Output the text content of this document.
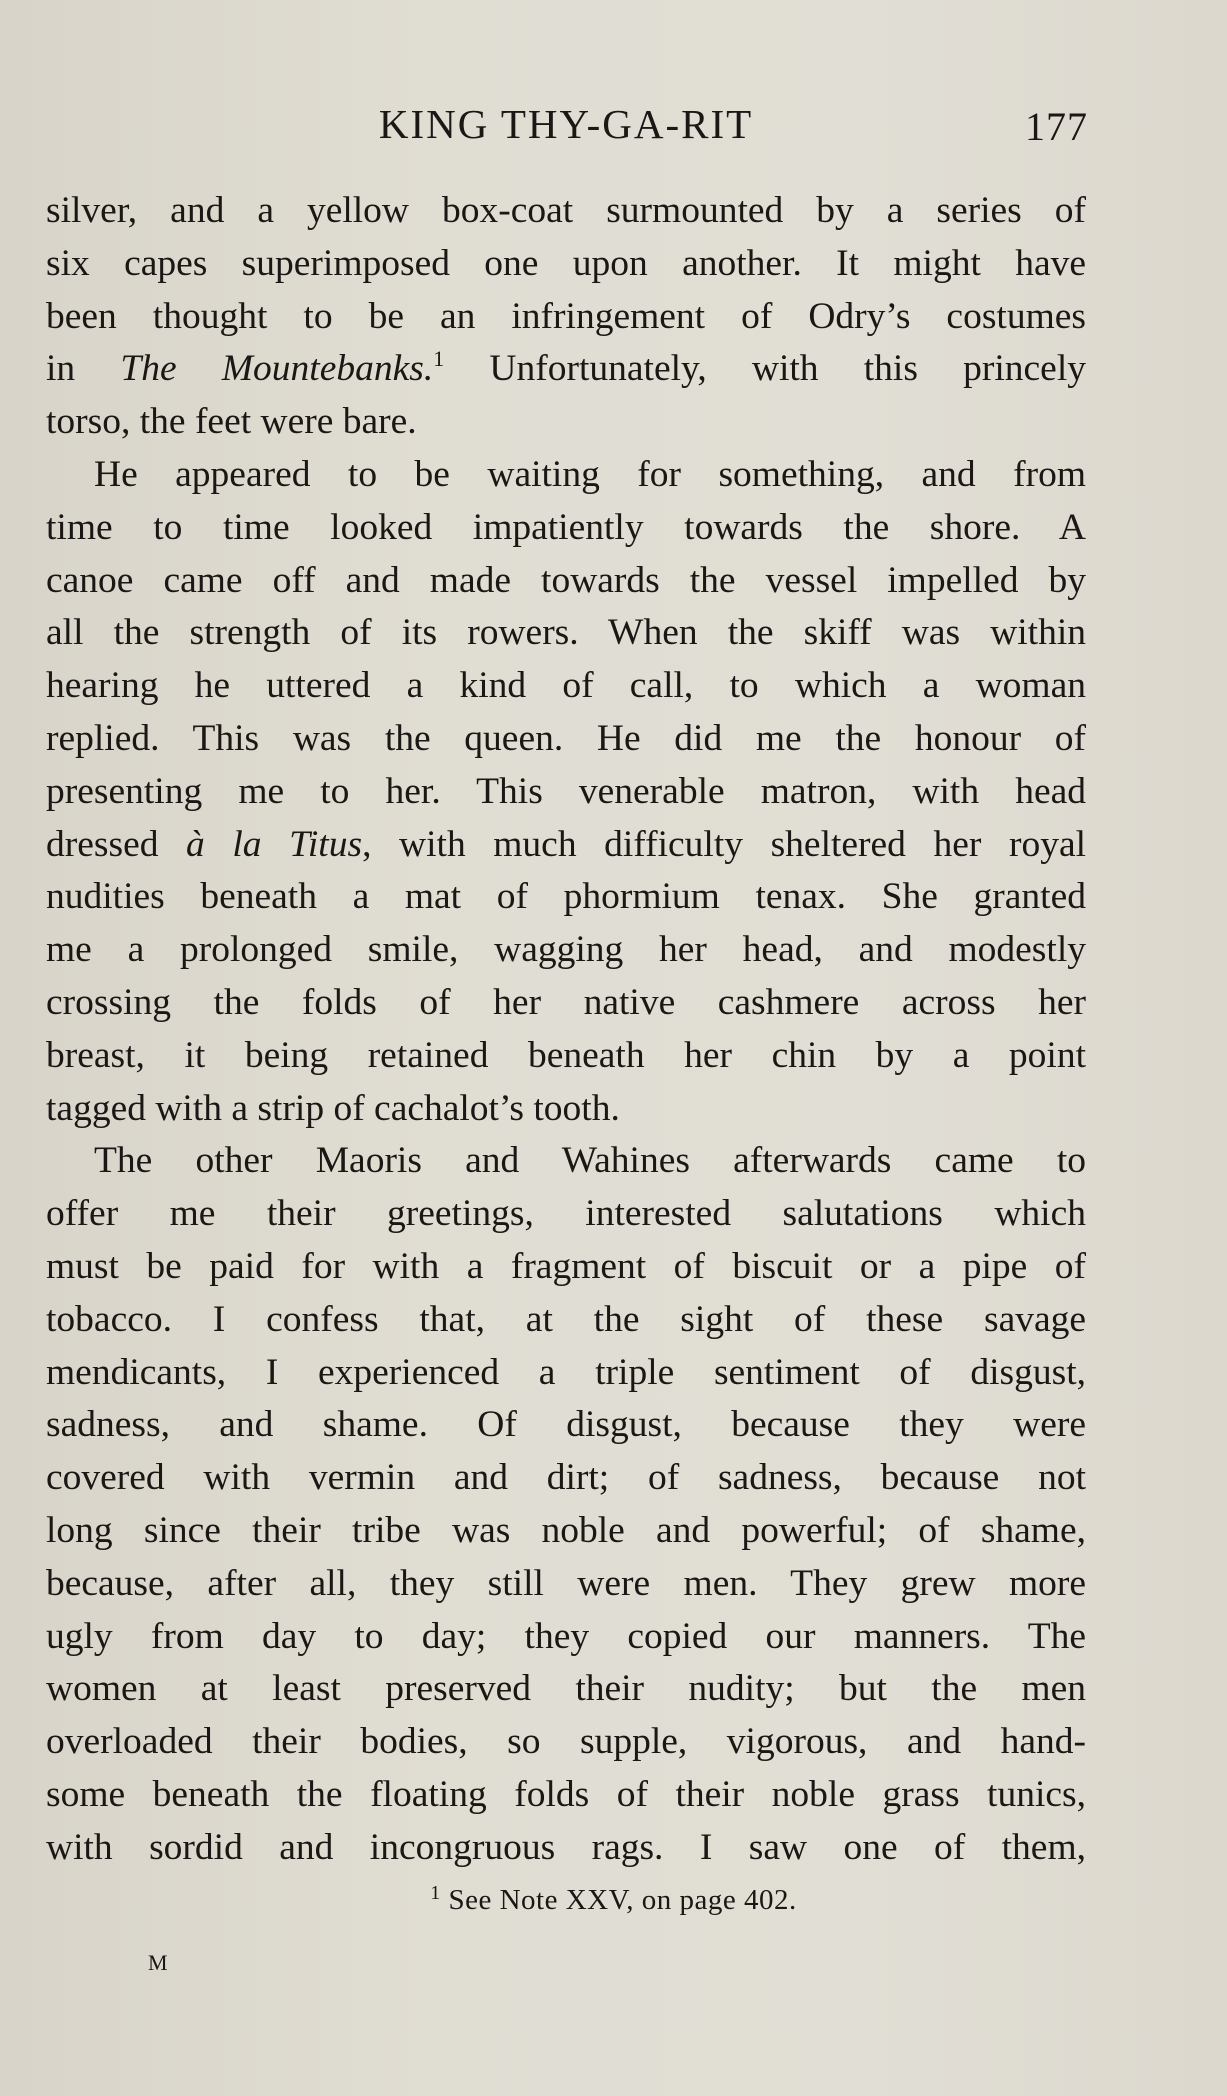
KING THY-GA-RIT	177
silver, and a yellow box-coat surmounted by a series of
six capes superimposed one upon another. It might have
been thought to be an infringement of Odry’s costumes
in The Mountebanks.$^1$ Unfortunately, with this princely
torso, the feet were bare.
He appeared to be waiting for something, and from
time to time looked impatiently towards the shore. A
canoe came off and made towards the vessel impelled by
all the strength of its rowers. When the skiff was within
hearing he uttered a kind of call, to which a woman
replied. This was the queen. He did me the honour of
presenting me to her. This venerable matron, with head
dressed à la Titus, with much difficulty sheltered her royal
nudities beneath a mat of phormium tenax. She granted
me a prolonged smile, wagging her head, and modestly
crossing the folds of her native cashmere across her
breast, it being retained beneath her chin by a point
tagged with a strip of cachalot’s tooth.
The other Maoris and Wahines afterwards came to
offer me their greetings, interested salutations which
must be paid for with a fragment of biscuit or a pipe of
tobacco. I confess that, at the sight of these savage
mendicants, I experienced a triple sentiment of disgust,
sadness, and shame. Of disgust, because they were
covered with vermin and dirt; of sadness, because not
long since their tribe was noble and powerful; of shame,
because, after all, they still were men. They grew more
ugly from day to day; they copied our manners. The
women at least preserved their nudity; but the men
overloaded their bodies, so supple, vigorous, and hand-
some beneath the floating folds of their noble grass tunics,
with sordid and incongruous rags. I saw one of them,
$^1$ See Note XXV, on page 402.
M
